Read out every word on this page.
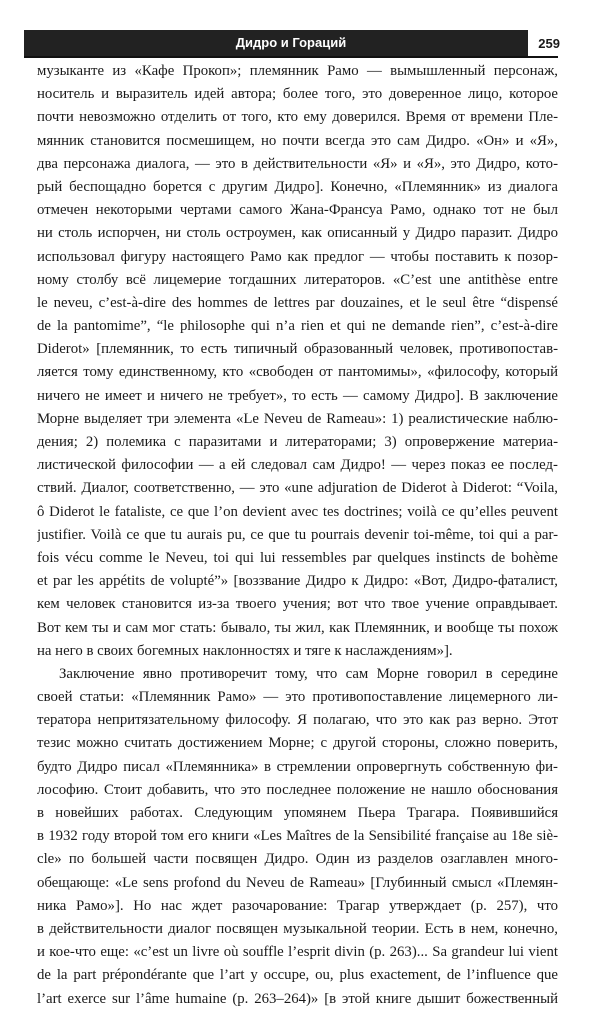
Дидро и Гораций	259
музыканте из «Кафе Прокоп»; племянник Рамо — вымышленный персонаж,
носитель и выразитель идей автора; более того, это доверенное лицо, которое
почти невозможно отделить от того, кто ему доверился. Время от времени Пле-
мянник становится посмешищем, но почти всегда это сам Дидро. «Он» и «Я»,
два персонажа диалога, — это в действительности «Я» и «Я», это Дидро, кото-
рый беспощадно борется с другим Дидро]. Конечно, «Племянник» из диалога
отмечен некоторыми чертами самого Жана-Франсуа Рамо, однако тот не был
ни столь испорчен, ни столь остроумен, как описанный у Дидро паразит. Дидро
использовал фигуру настоящего Рамо как предлог — чтобы поставить к позор-
ному столбу всё лицемерие тогдашних литераторов. «C’est une antithèse entre
le neveu, c’est-à-dire des hommes de lettres par douzaines, et le seul être “dispensé
de la pantomime”, “le philosophe qui n’a rien et qui ne demande rien”, c’est-à-dire
Diderot» [племянник, то есть типичный образованный человек, противопостав-
ляется тому единственному, кто «свободен от пантомимы», «философу, который
ничего не имеет и ничего не требует», то есть — самому Дидро]. В заключение
Морне выделяет три элемента «Le Neveu de Rameau»: 1) реалистические наблю-
дения; 2) полемика с паразитами и литераторами; 3) опровержение материа-
листической философии — а ей следовал сам Дидро! — через показ ее послед-
ствий. Диалог, соответственно, — это «une adjuration de Diderot à Diderot: “Voila,
ô Diderot le fataliste, ce que l’on devient avec tes doctrines; voilà ce qu’elles peuvent
justifier. Voilà ce que tu aurais pu, ce que tu pourrais devenir toi-même, toi qui a par-
fois vécu comme le Neveu, toi qui lui ressembles par quelques instincts de bohème
et par les appétits de volupté”» [воззвание Дидро к Дидро: «Вот, Дидро-фаталист,
кем человек становится из-за твоего учения; вот что твое учение оправдывает.
Вот кем ты и сам мог стать: бывало, ты жил, как Племянник, и вообще ты похож
на него в своих богемных наклонностях и тяге к наслаждениям»].
Заключение явно противоречит тому, что сам Морне говорил в середине
своей статьи: «Племянник Рамо» — это противопоставление лицемерного ли-
тератора непритязательному философу. Я полагаю, что это как раз верно. Этот
тезис можно считать достижением Морне; с другой стороны, сложно поверить,
будто Дидро писал «Племянника» в стремлении опровергнуть собственную фи-
лософию. Стоит добавить, что это последнее положение не нашло обоснования
в новейших работах. Следующим упомянем Пьера Трагара. Появившийся
в 1932 году второй том его книги «Les Maîtres de la Sensibilité française au 18e siè-
cle» по большей части посвящен Дидро. Один из разделов озаглавлен много-
обещающе: «Le sens profond du Neveu de Rameau» [Глубинный смысл «Племян-
ника Рамо»]. Но нас ждет разочарование: Трагар утверждает (p. 257), что
в действительности диалог посвящен музыкальной теории. Есть в нем, конечно,
и кое-что еще: «c’est un livre où souffle l’esprit divin (p. 263)... Sa grandeur lui vient
de la part prépondérante que l’art y occupe, ou, plus exactement, de l’influence que
l’art exerce sur l’âme humaine (p. 263–264)» [в этой книге дышит божественный
